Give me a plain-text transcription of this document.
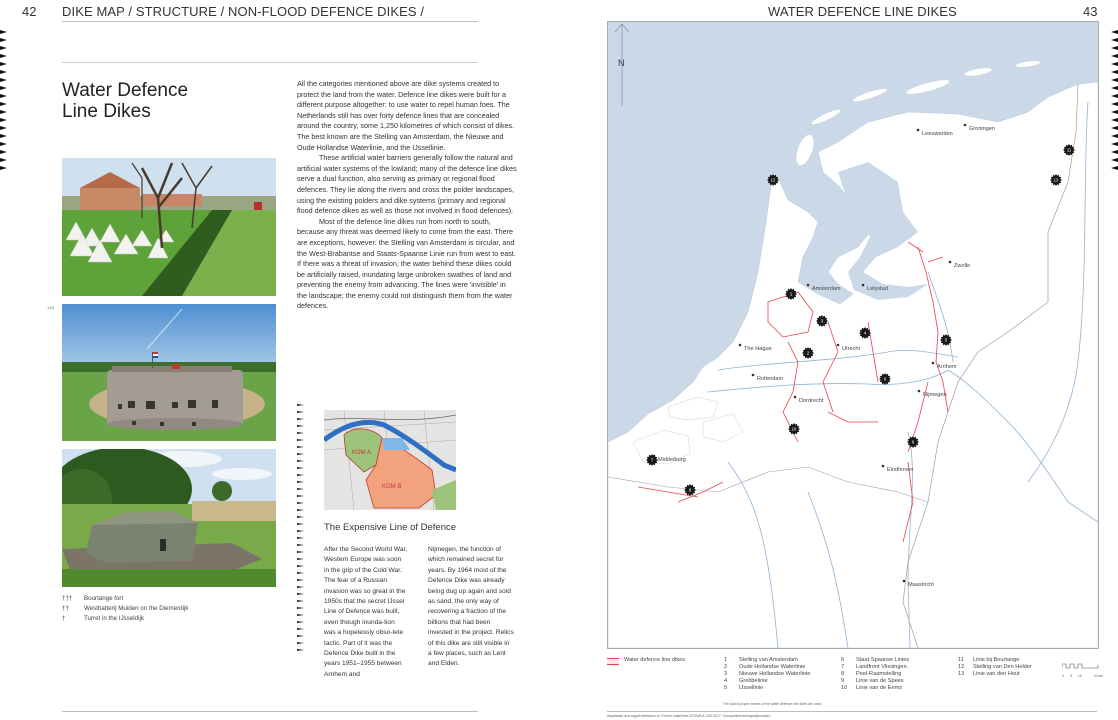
42 DIKE MAP / STRUCTURE / NON-FLOOD DEFENCE DIKES /
Water Defence
Line Dikes

All the categories mentioned above are dike systems created to protect the land from the water. Defence line dikes were built for a different purpose altogether: to use water to repel human foes. The Netherlands still has over forty defence lines that are concealed around the country, some 1,250 kilometres of which consist of dikes. The best known are the Stelling van Amsterdam, the Nieuwe and Oude Hollandse Waterlinie, and the IJssellinie.

These artificial water barriers generally follow the natural and artificial water systems of the lowland; many of the defence line dikes serve a dual function, also serving as primary or regional flood defences. They lie along the rivers and cross the polder landscapes, using the existing polders and dike systems (primary and regional flood defence dikes as well as those not involved in flood defences).

Most of the defence line dikes run from north to south, because any threat was deemed likely to come from the east. There are exceptions, however: the Stelling van Amsterdam is circular, and the West-Brabantse and Staats-Spaanse Linie run from west to east. If there was a threat of invasion, the water behind these dikes could be artificially raised, inundating large unbroken swathes of land and preventing the enemy from advancing. The lines were 'invisible' in the landscape; the enemy could not distinguish them from the water defences.

†15
†††	Bourtange fort
††	Westbatterij Muiden on the Diemerdijk
†	Turret in the IJsseldijk
KOM A
KOM B
The Expensive Line of Defence
After the Second World War, Western Europe was soon in the grip of the Cold War. The fear of a Russian invasion was so great in the 1950s that the secret IJssel Line of Defence was built, even though inunda-tion was a hopelessly obso-lete tactic. Part of it was the Defence Dike built in the years 1951–1955 between Arnhem and
Nijmegen, the function of which remained secret for years. By 1964 most of the Defence Dike was already being dug up again and sold as sand, the only way of recovering a fraction of the billions that had been invested in the project. Relics of this dike are still visible in a few places, such as Lent and Elden.
WATER DEFENCE LINE DIKES	43
N
Leeuwarden
Groningen
Lelystad
Zwolle
Amsterdam
Utrecht
The Hague
Rotterdam
Arnhem
Nijmegen
Dordrecht
Middelburg
Eindhoven
Maastricht
1
2
3
4
5
6
7
8
9
10
11
12	13
0 5 10	20 km
Water defence line dikes	1	Stelling van Amsterdam
2	Oude Hollandse Waterlinie
3	Nieuwe Hollandse Waterlinie
4	Grebbelinie
5	IJssellinie
6	Staat-Spaanse Linies
7	Landfront Vlissingen
8	Peel-Raamstelling
9	Linie van de Spees
10	Linie van de Eems
11	Linie bij Bourtange
12	Stelling van Den Helder
13	Linie van den Hout
The Dutch proper names of the water defence line dikes are used
Adaptation and supplementation of: Former waterlines STOWA & LBO 2017. Compartimenteringsdijkenkaart.
